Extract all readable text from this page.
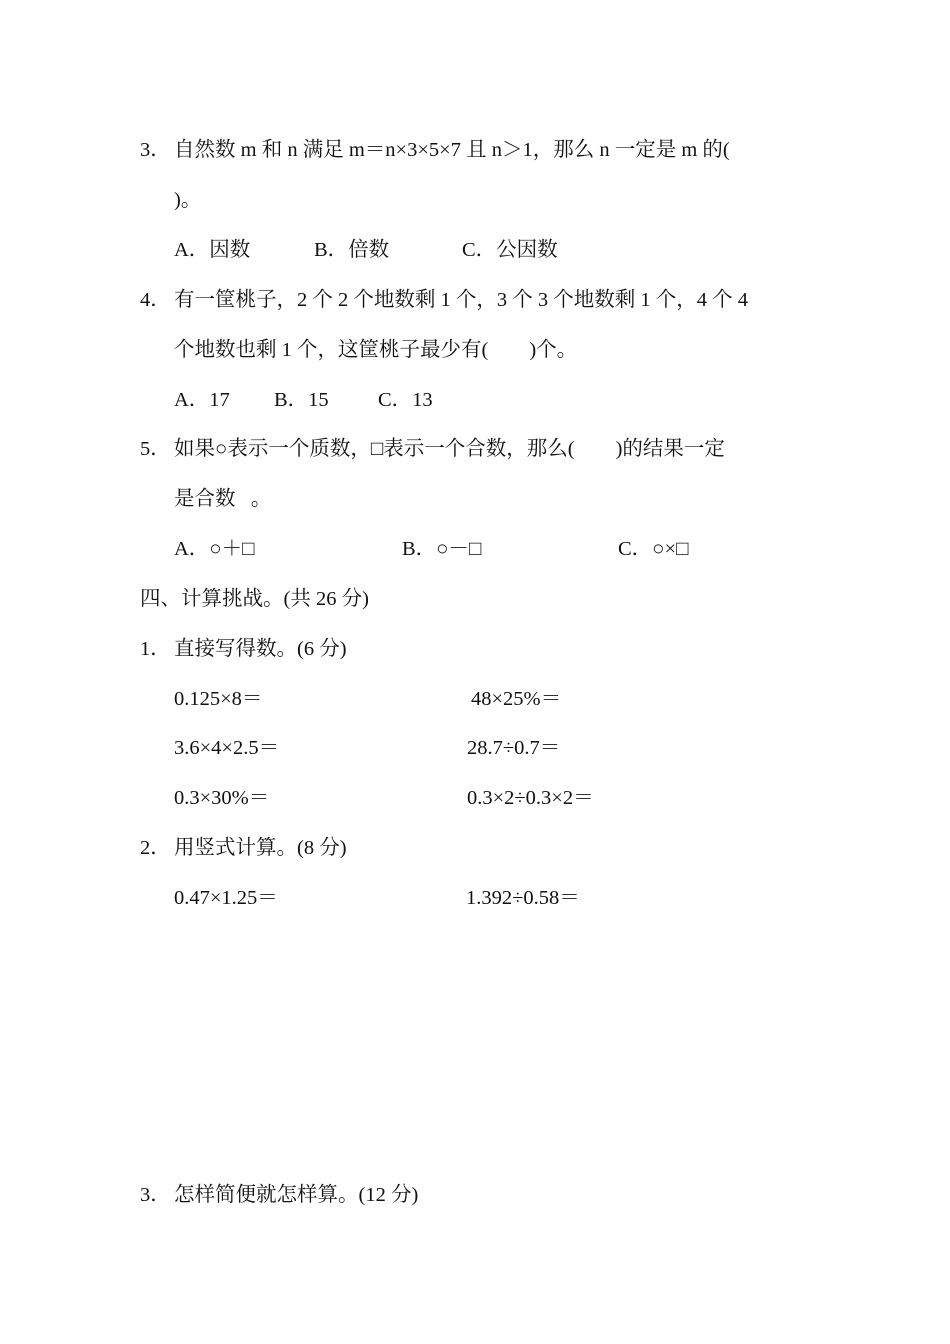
3． 自然数 m 和 n 满足 m＝n×3×5×7 且 n＞1，那么 n 一定是 m 的(
)。
A．因数	B．倍数	C．公因数
4． 有一筐桃子，2 个 2 个地数剩 1 个，3 个 3 个地数剩 1 个，4 个 4
个地数也剩 1 个，这筐桃子最少有(        )个。
A．17 B．15 C．13
5． 如果○表示一个质数，□表示一个合数，那么(        )的结果一定
是合数   。
A．○＋□	B．○－□	C．○×□
四、计算挑战。(共 26 分)
1． 直接写得数。(6 分)
0.125×8＝	48×25%＝
3.6×4×2.5＝	28.7÷0.7＝
0.3×30%＝	0.3×2÷0.3×2＝
2． 用竖式计算。(8 分)
0.47×1.25＝	1.392÷0.58＝
3． 怎样简便就怎样算。(12 分)
